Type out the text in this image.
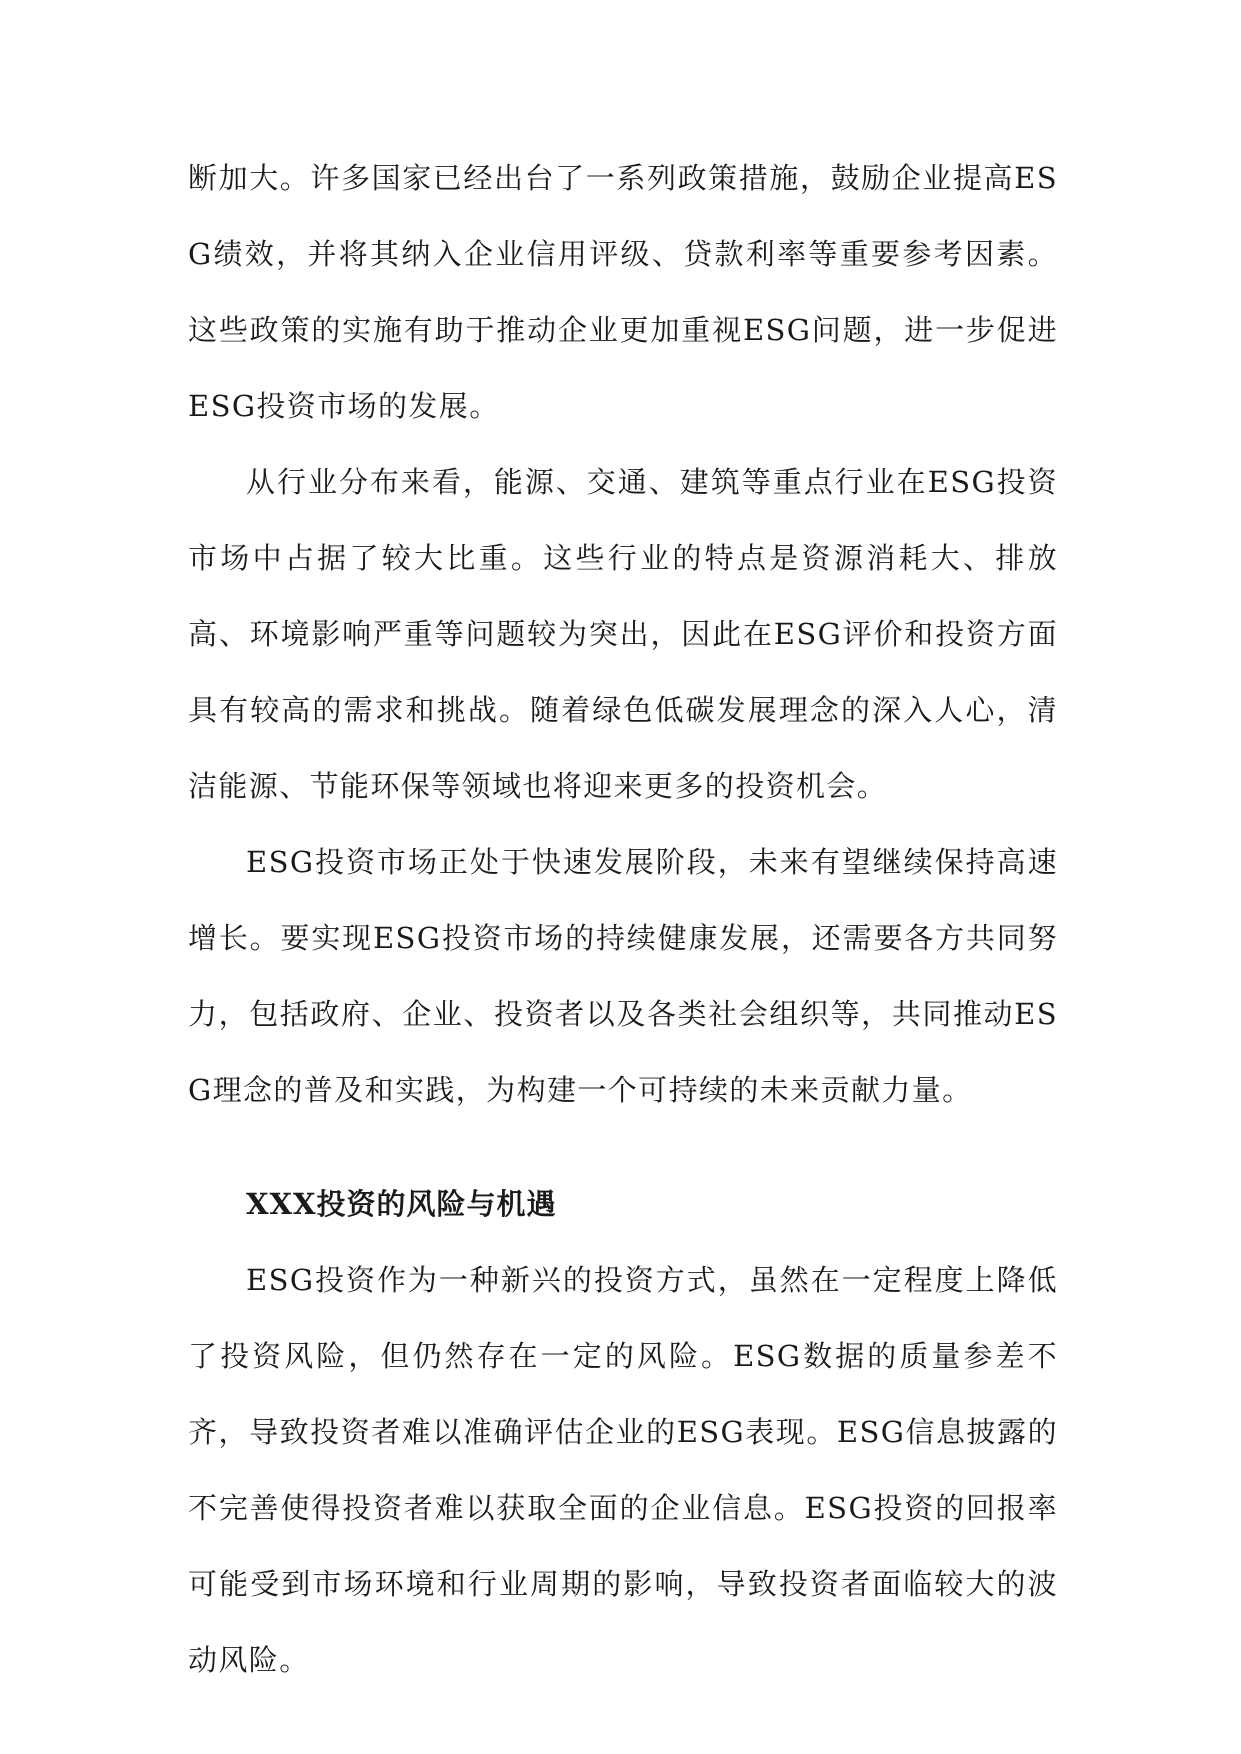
断加大。许多国家已经出台了一系列政策措施，鼓励企业提高ESG绩效，并将其纳入企业信用评级、贷款利率等重要参考因素。这些政策的实施有助于推动企业更加重视ESG问题，进一步促进ESG投资市场的发展。

从行业分布来看，能源、交通、建筑等重点行业在ESG投资市场中占据了较大比重。这些行业的特点是资源消耗大、排放高、环境影响严重等问题较为突出，因此在ESG评价和投资方面具有较高的需求和挑战。随着绿色低碳发展理念的深入人心，清洁能源、节能环保等领域也将迎来更多的投资机会。

ESG投资市场正处于快速发展阶段，未来有望继续保持高速增长。要实现ESG投资市场的持续健康发展，还需要各方共同努力，包括政府、企业、投资者以及各类社会组织等，共同推动ESG理念的普及和实践，为构建一个可持续的未来贡献力量。

XXX投资的风险与机遇

ESG投资作为一种新兴的投资方式，虽然在一定程度上降低了投资风险，但仍然存在一定的风险。ESG数据的质量参差不齐，导致投资者难以准确评估企业的ESG表现。ESG信息披露的不完善使得投资者难以获取全面的企业信息。ESG投资的回报率可能受到市场环境和行业周期的影响，导致投资者面临较大的波动风险。
